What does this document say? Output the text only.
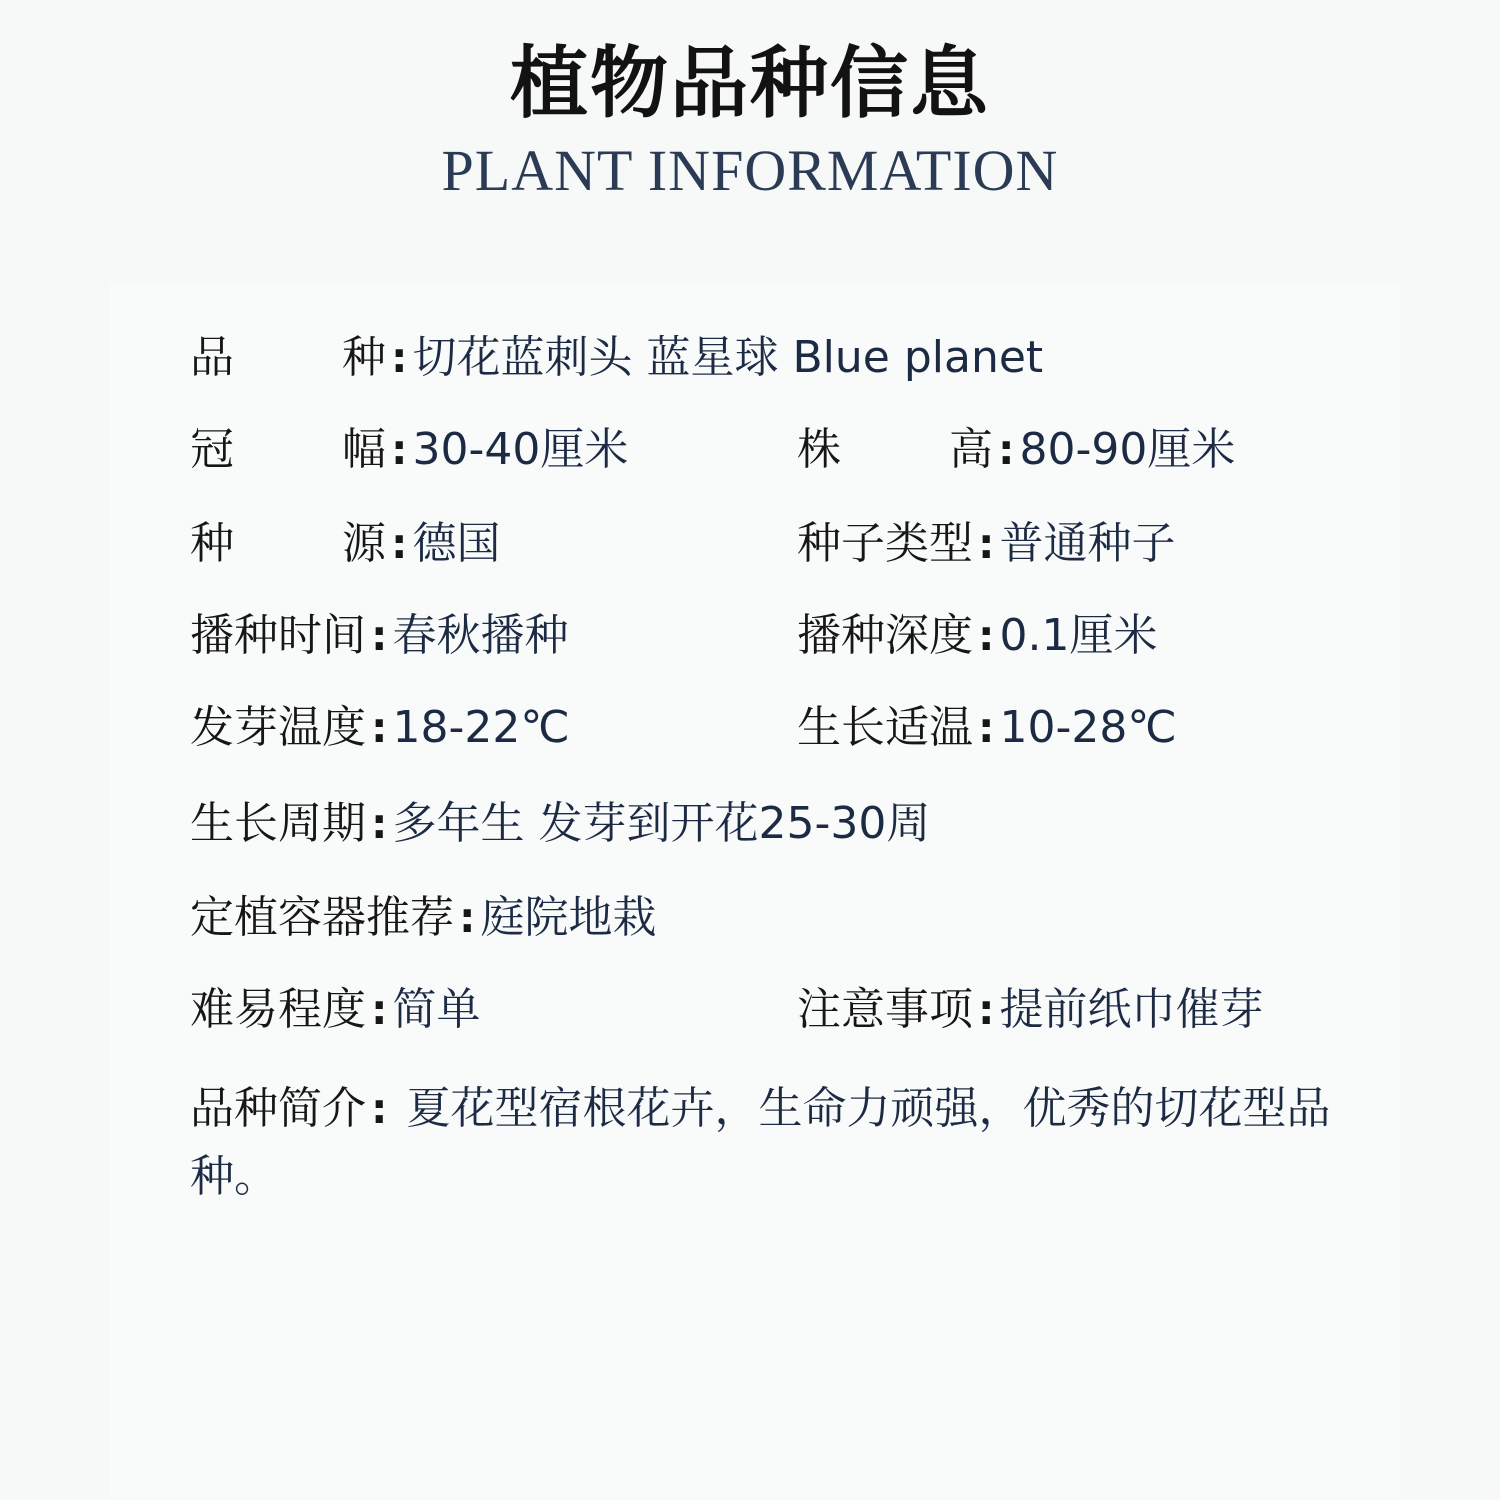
植物品种信息
PLANT INFORMATION
品　　种:切花蓝刺头 蓝星球 Blue planet
冠　　幅:30-40厘米	株　　高:80-90厘米
种　　源:德国	种子类型:普通种子
播种时间:春秋播种	播种深度:0.1厘米
发芽温度:18-22℃	生长适温:10-28℃
生长周期:多年生 发芽到开花25-30周
定植容器推荐:庭院地栽
难易程度:简单	注意事项:提前纸巾催芽
品种简介: 夏花型宿根花卉，生命力顽强，优秀的切花型品种。
